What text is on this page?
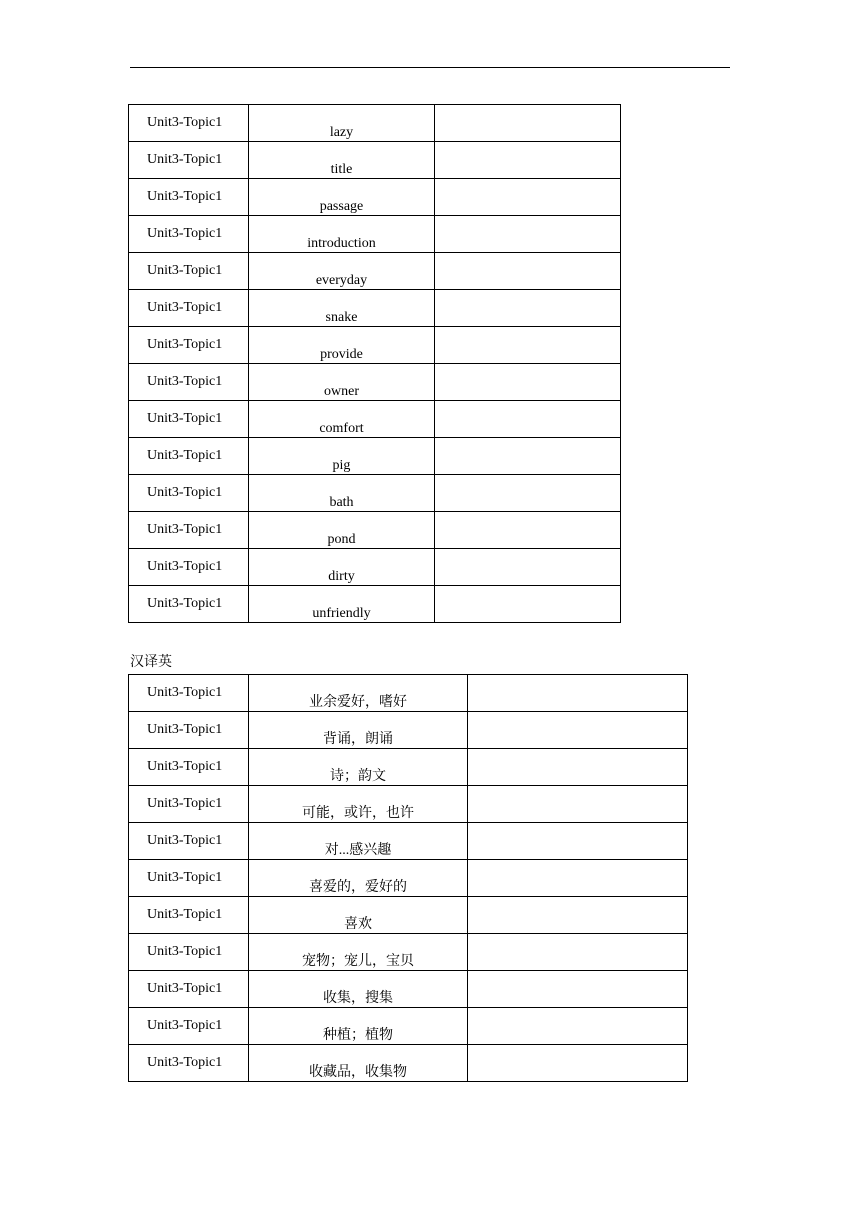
Unit3-Topic1	lazy	
Unit3-Topic1	title	
Unit3-Topic1	passage	
Unit3-Topic1	introduction	
Unit3-Topic1	everyday	
Unit3-Topic1	snake	
Unit3-Topic1	provide	
Unit3-Topic1	owner	
Unit3-Topic1	comfort	
Unit3-Topic1	pig	
Unit3-Topic1	bath	
Unit3-Topic1	pond	
Unit3-Topic1	dirty	
Unit3-Topic1	unfriendly	
汉译英
Unit3-Topic1	业余爱好，嗜好	
Unit3-Topic1	背诵，朗诵	
Unit3-Topic1	诗；韵文	
Unit3-Topic1	可能，或许，也许	
Unit3-Topic1	对...感兴趣	
Unit3-Topic1	喜爱的，爱好的	
Unit3-Topic1	喜欢	
Unit3-Topic1	宠物；宠儿，宝贝	
Unit3-Topic1	收集，搜集	
Unit3-Topic1	种植；植物	
Unit3-Topic1	收藏品，收集物	
